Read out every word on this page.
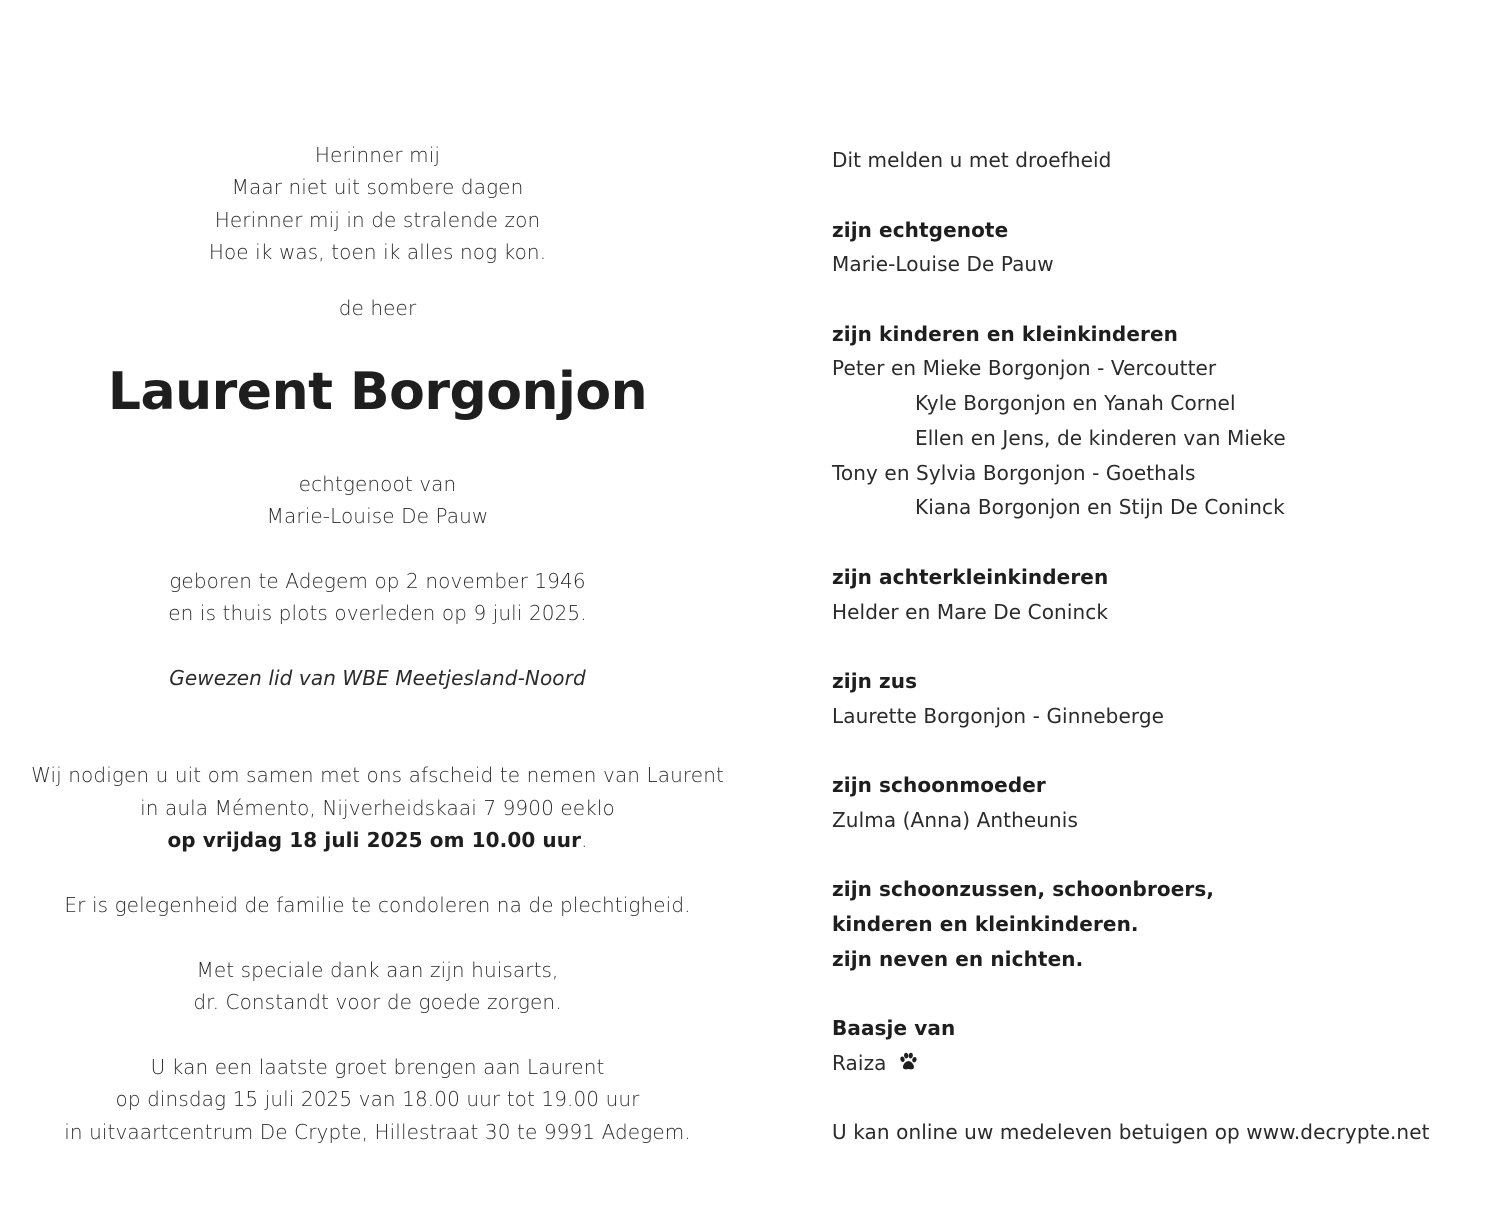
Herinner mij
Maar niet uit sombere dagen
Herinner mij in de stralende zon
Hoe ik was, toen ik alles nog kon.
de heer
Laurent Borgonjon
echtgenoot van
Marie-Louise De Pauw
geboren te Adegem op 2 november 1946
en is thuis plots overleden op 9 juli 2025.
Gewezen lid van WBE Meetjesland-Noord
Wij nodigen u uit om samen met ons afscheid te nemen van Laurent
in aula Mémento, Nijverheidskaai 7 9900 eeklo
op vrijdag 18 juli 2025 om 10.00 uur.
Er is gelegenheid de familie te condoleren na de plechtigheid.
Met speciale dank aan zijn huisarts,
dr. Constandt voor de goede zorgen.
U kan een laatste groet brengen aan Laurent
op dinsdag 15 juli 2025 van 18.00 uur tot 19.00 uur
in uitvaartcentrum De Crypte, Hillestraat 30 te 9991 Adegem.
Dit melden u met droefheid
zijn echtgenote
Marie-Louise De Pauw
zijn kinderen en kleinkinderen
Peter en Mieke Borgonjon - Vercoutter
Kyle Borgonjon en Yanah Cornel
Ellen en Jens, de kinderen van Mieke
Tony en Sylvia Borgonjon - Goethals
Kiana Borgonjon en Stijn De Coninck
zijn achterkleinkinderen
Helder en Mare De Coninck
zijn zus
Laurette Borgonjon - Ginneberge
zijn schoonmoeder
Zulma (Anna) Antheunis
zijn schoonzussen, schoonbroers,
kinderen en kleinkinderen.
zijn neven en nichten.
Baasje van
Raiza
U kan online uw medeleven betuigen op www.decrypte.net
